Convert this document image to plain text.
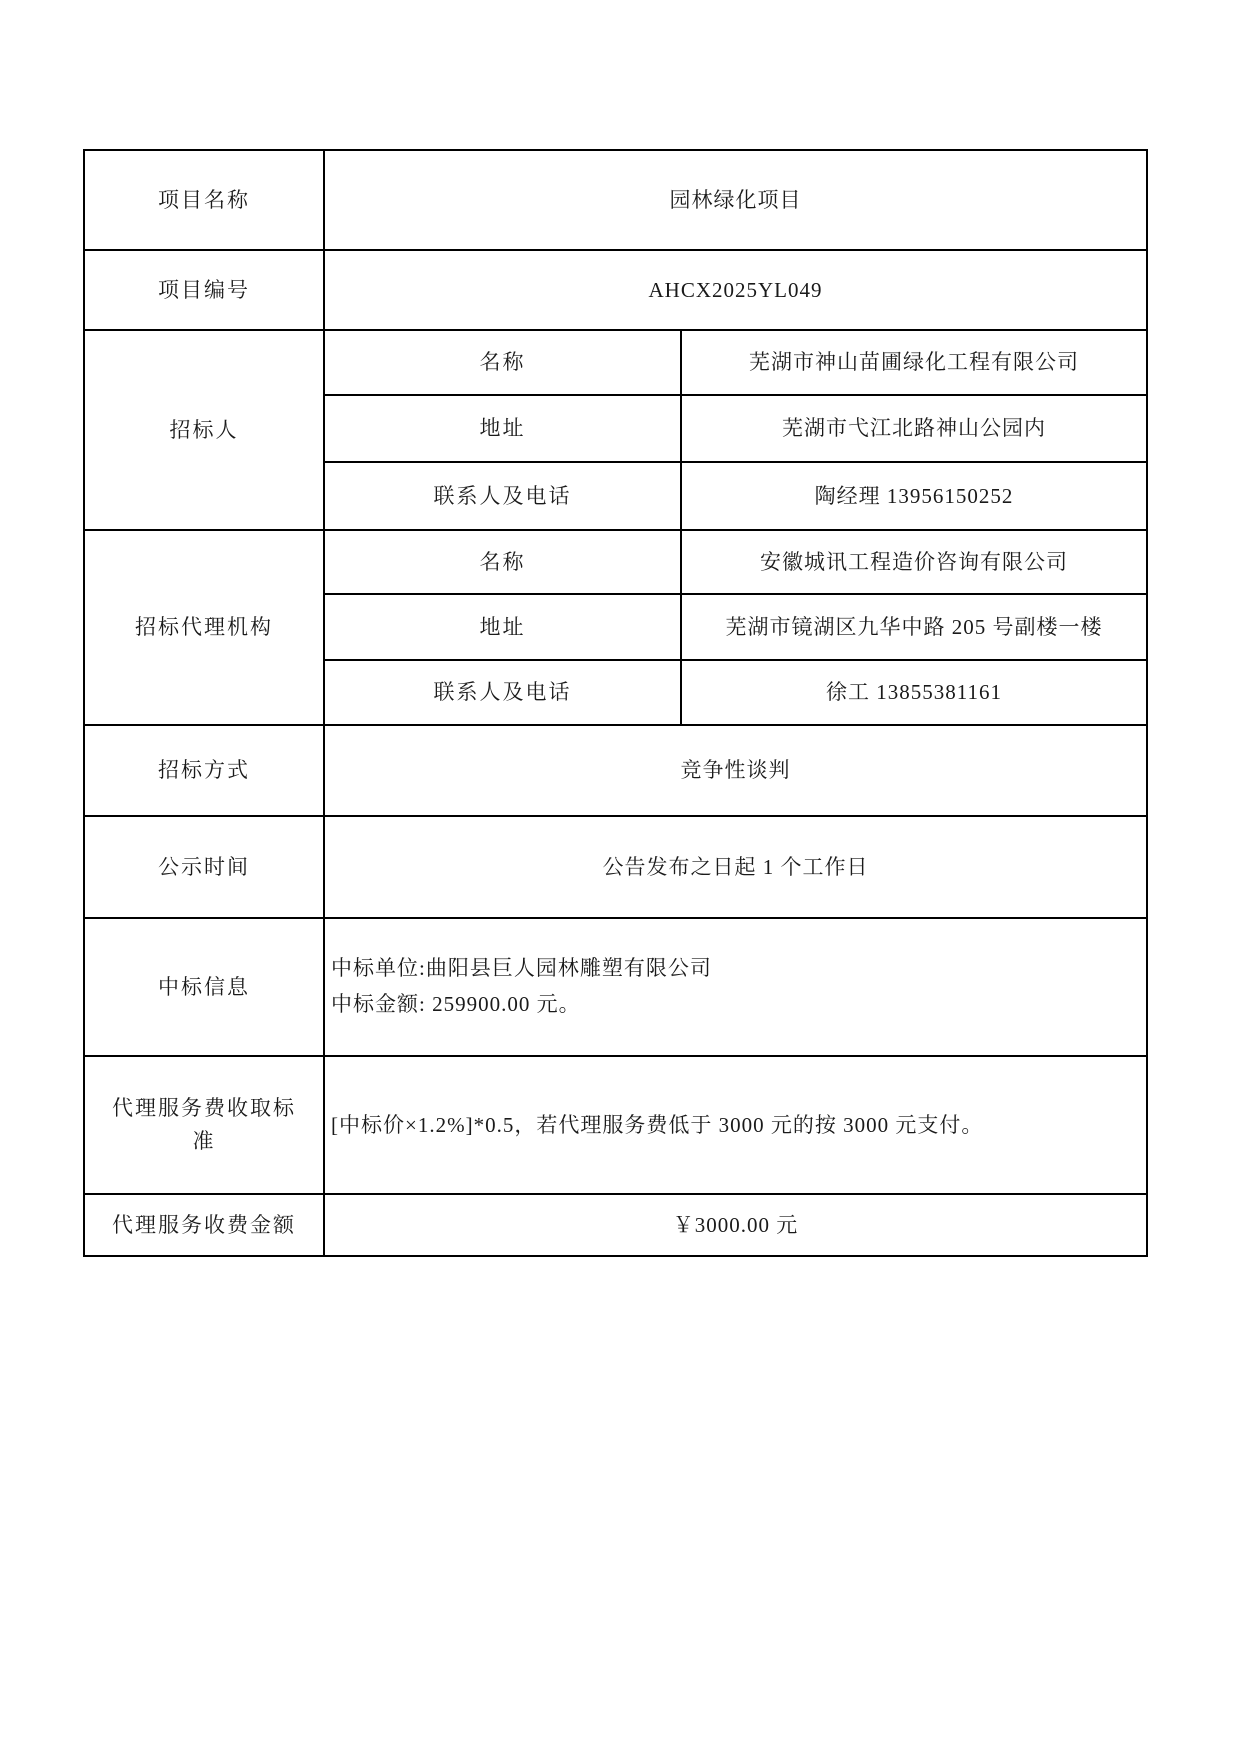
项目名称	园林绿化项目	
项目编号	AHCX2025YL049	
招标人	名称	芜湖市神山苗圃绿化工程有限公司
	地址	芜湖市弋江北路神山公园内
	联系人及电话	陶经理 13956150252
招标代理机构	名称	安徽城讯工程造价咨询有限公司
	地址	芜湖市镜湖区九华中路 205 号副楼一楼
	联系人及电话	徐工 13855381161
招标方式	竞争性谈判	
公示时间	公告发布之日起 1 个工作日	
中标信息	中标单位:曲阳县巨人园林雕塑有限公司
中标金额: 259900.00 元。	

代理服务费收取标准	[中标价×1.2%]*0.5，若代理服务费低于 3000 元的按 3000 元支付。	
代理服务收费金额	￥3000.00 元	
